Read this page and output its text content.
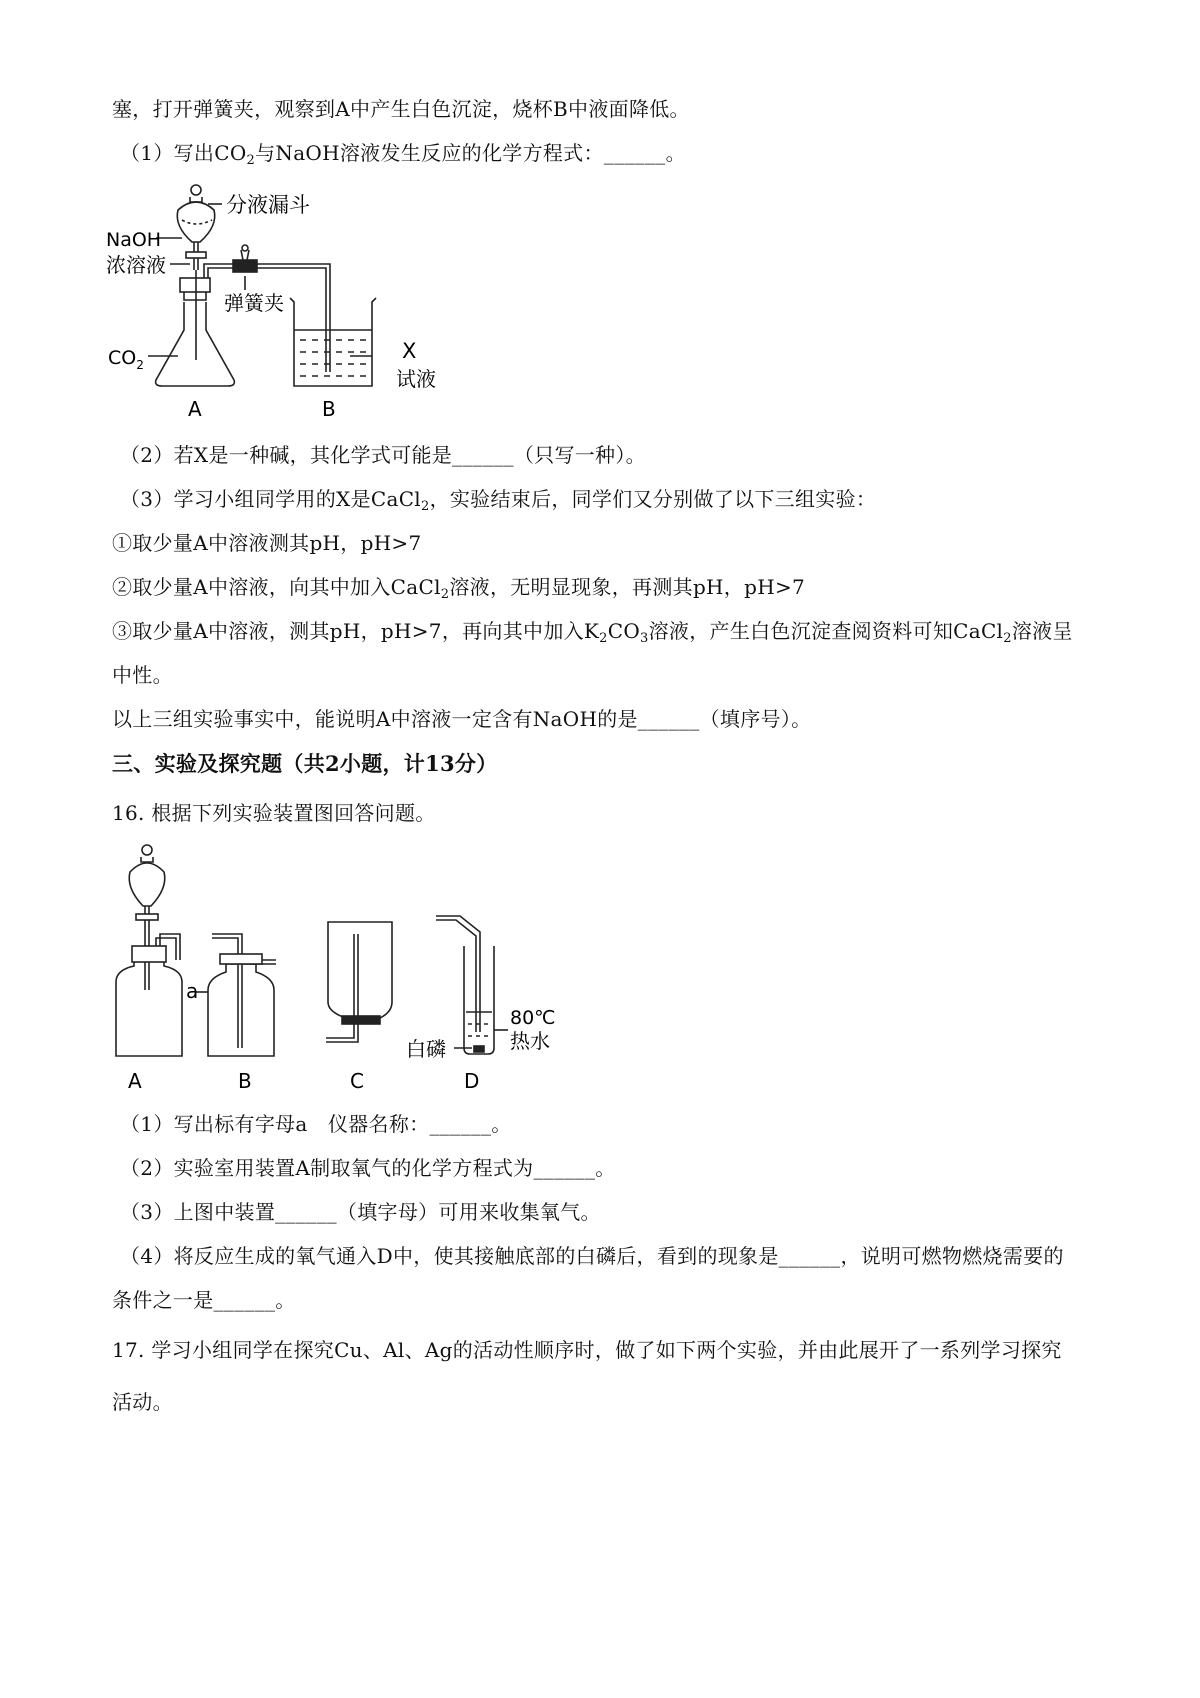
塞，打开弹簧夹，观察到A中产生白色沉淀，烧杯B中液面降低。
（1）写出$CO_2$与NaOH溶液发生反应的化学方程式：______。
分液漏斗
NaOH
浓溶液
弹簧夹
$CO_2$
X
试液
A	B
（2）若X是一种碱，其化学式可能是______（只写一种）。
（3）学习小组同学用的X是CaCl$_2$，实验结束后，同学们又分别做了以下三组实验：
①取少量A中溶液测其pH，pH>7
②取少量A中溶液，向其中加入CaCl$_2$溶液，无明显现象，再测其pH，pH>7
③取少量A中溶液，测其pH，pH>7，再向其中加入$K_2CO_3$溶液，产生白色沉淀查阅资料可知CaCl$_2$溶液呈
中性。
以上三组实验事实中，能说明A中溶液一定含有NaOH的是______（填序号）。
三、实验及探究题（共2小题，计13分）
16. 根据下列实验装置图回答问题。
a
80℃
热水
白磷
A	B	C	D
（1）写出标有字母a　仪器名称：______。
（2）实验室用装置A制取氧气的化学方程式为______。
（3）上图中装置______（填字母）可用来收集氧气。
（4）将反应生成的氧气通入D中，使其接触底部的白磷后，看到的现象是______，说明可燃物燃烧需要的
条件之一是______。
17. 学习小组同学在探究Cu、Al、Ag的活动性顺序时，做了如下两个实验，并由此展开了一系列学习探究
活动。
